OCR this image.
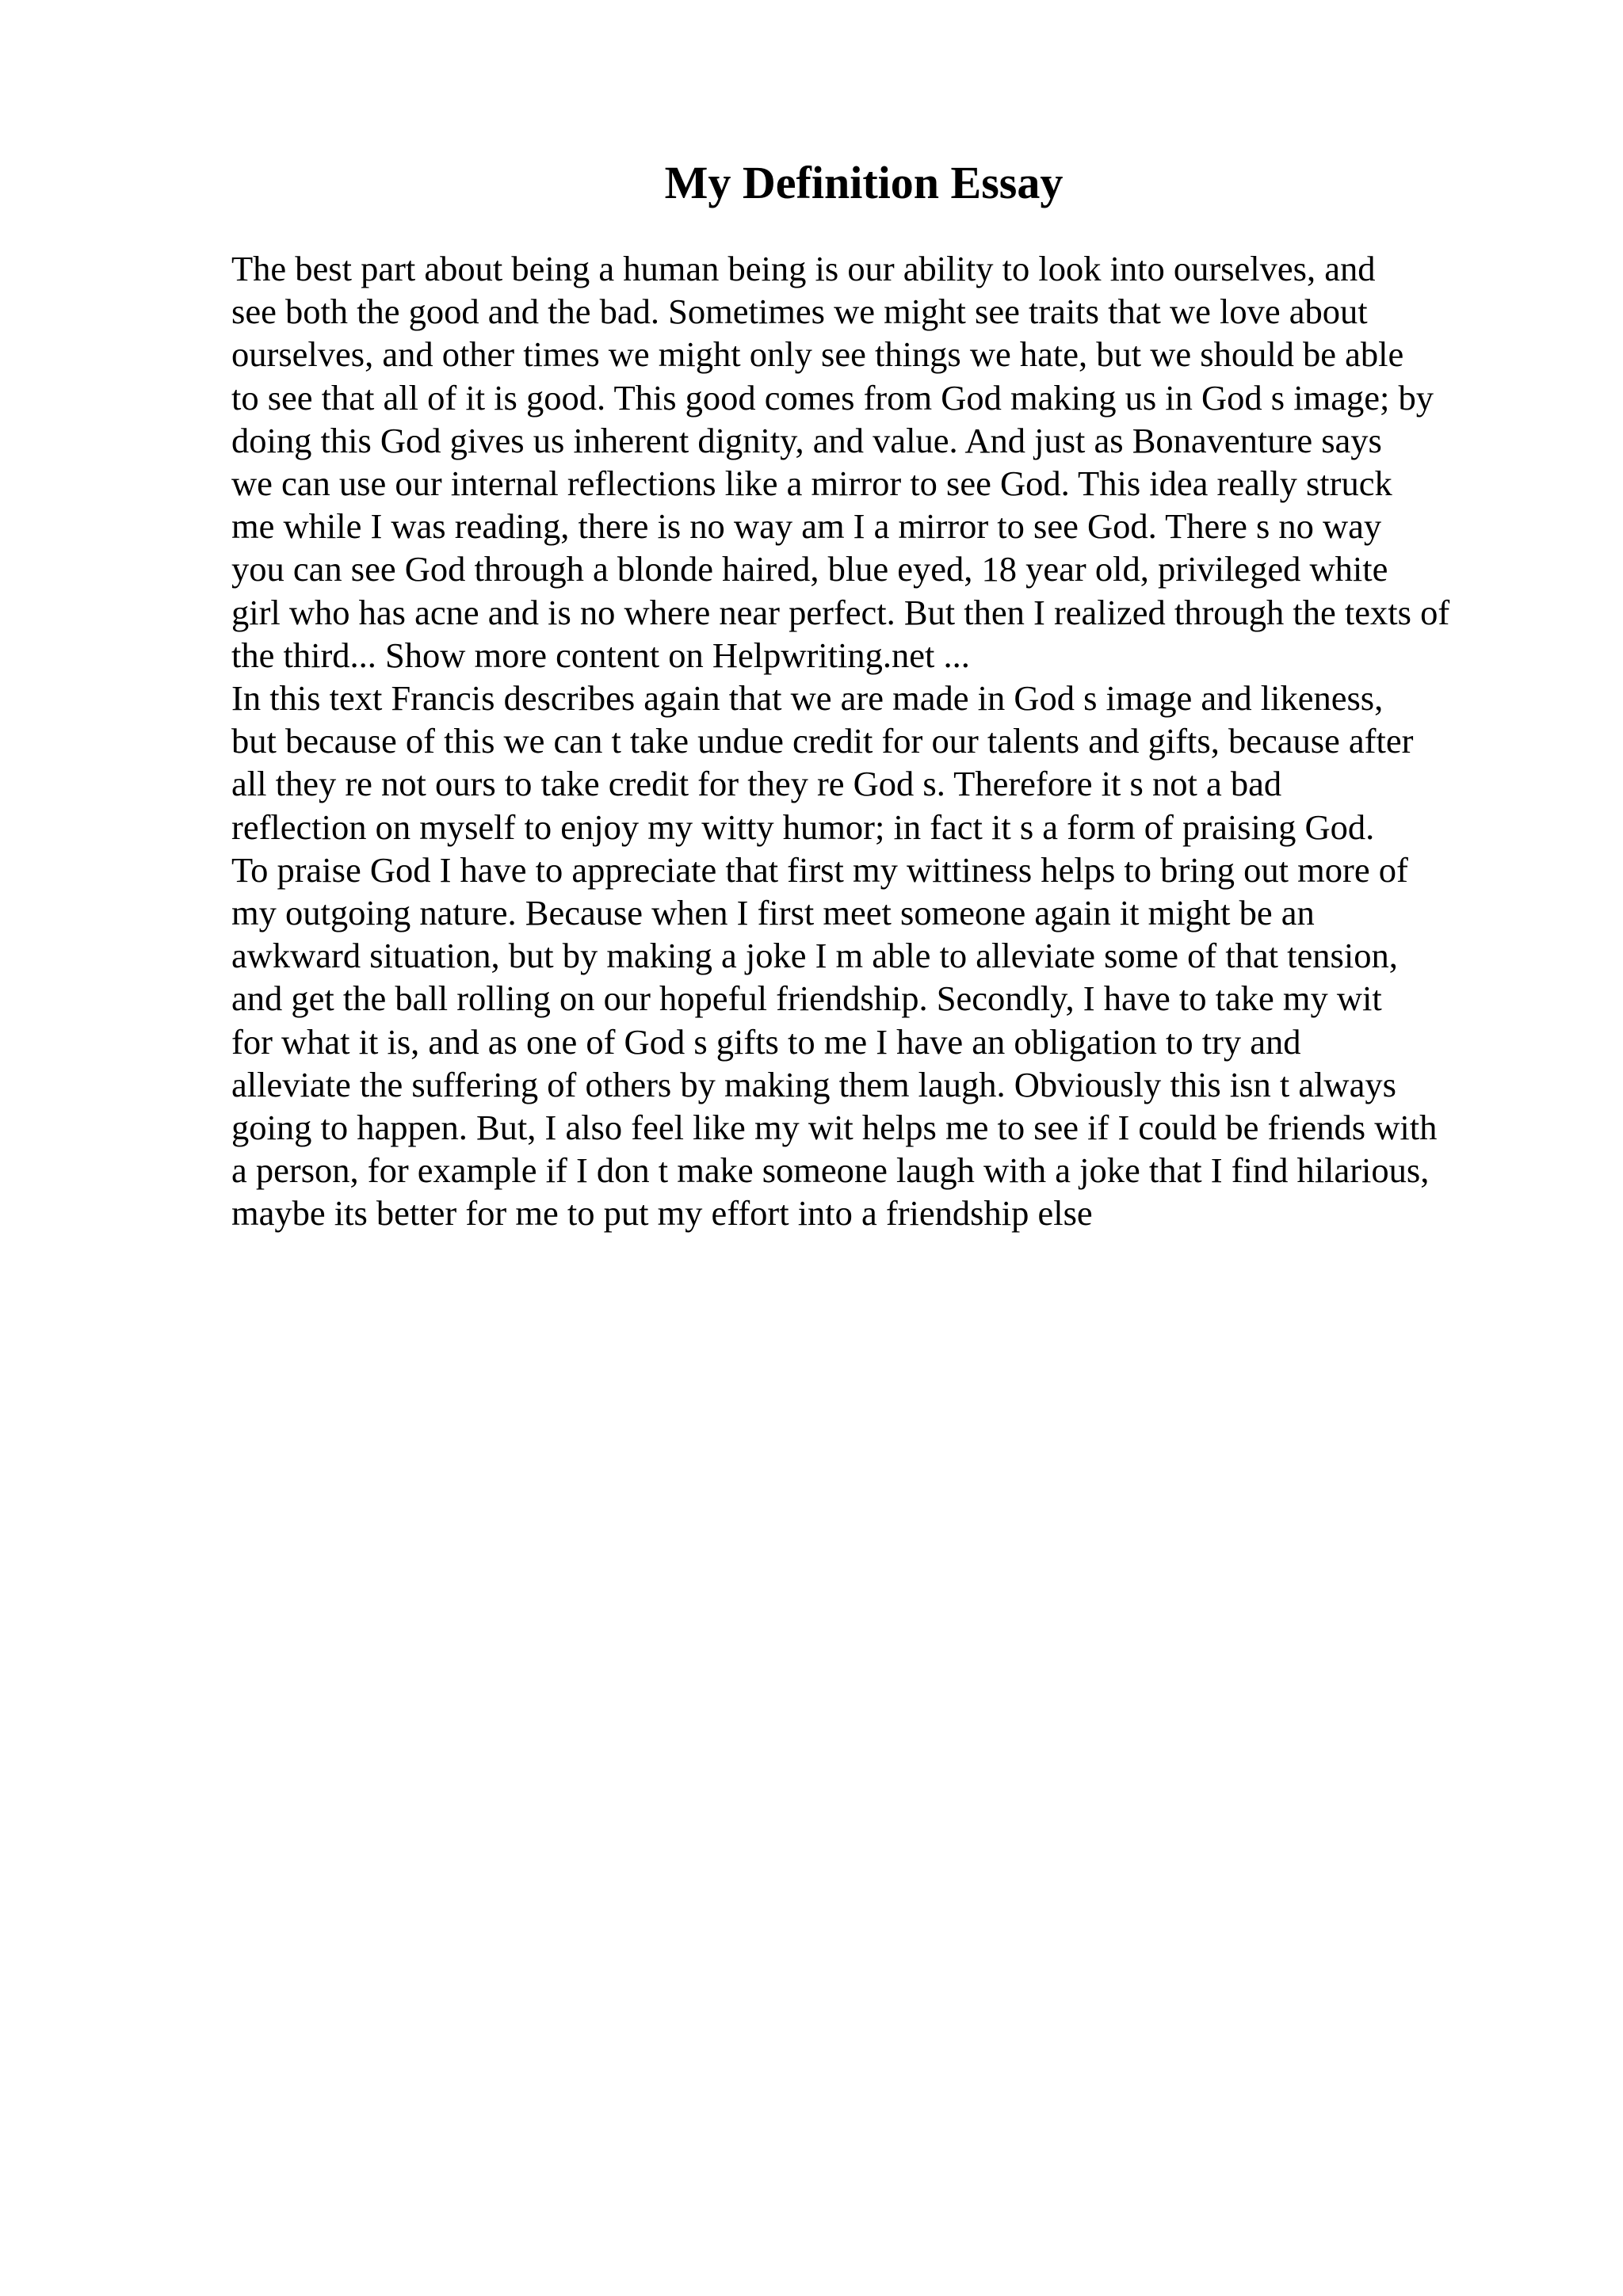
My Definition Essay
The best part about being a human being is our ability to look into ourselves, and
see both the good and the bad. Sometimes we might see traits that we love about
ourselves, and other times we might only see things we hate, but we should be able
to see that all of it is good. This good comes from God making us in God s image; by
doing this God gives us inherent dignity, and value. And just as Bonaventure says
we can use our internal reflections like a mirror to see God. This idea really struck
me while I was reading, there is no way am I a mirror to see God. There s no way
you can see God through a blonde haired, blue eyed, 18 year old, privileged white
girl who has acne and is no where near perfect. But then I realized through the texts of
the third... Show more content on Helpwriting.net ...
In this text Francis describes again that we are made in God s image and likeness,
but because of this we can t take undue credit for our talents and gifts, because after
all they re not ours to take credit for they re God s. Therefore it s not a bad
reflection on myself to enjoy my witty humor; in fact it s a form of praising God.
To praise God I have to appreciate that first my wittiness helps to bring out more of
my outgoing nature. Because when I first meet someone again it might be an
awkward situation, but by making a joke I m able to alleviate some of that tension,
and get the ball rolling on our hopeful friendship. Secondly, I have to take my wit
for what it is, and as one of God s gifts to me I have an obligation to try and
alleviate the suffering of others by making them laugh. Obviously this isn t always
going to happen. But, I also feel like my wit helps me to see if I could be friends with
a person, for example if I don t make someone laugh with a joke that I find hilarious,
maybe its better for me to put my effort into a friendship else
